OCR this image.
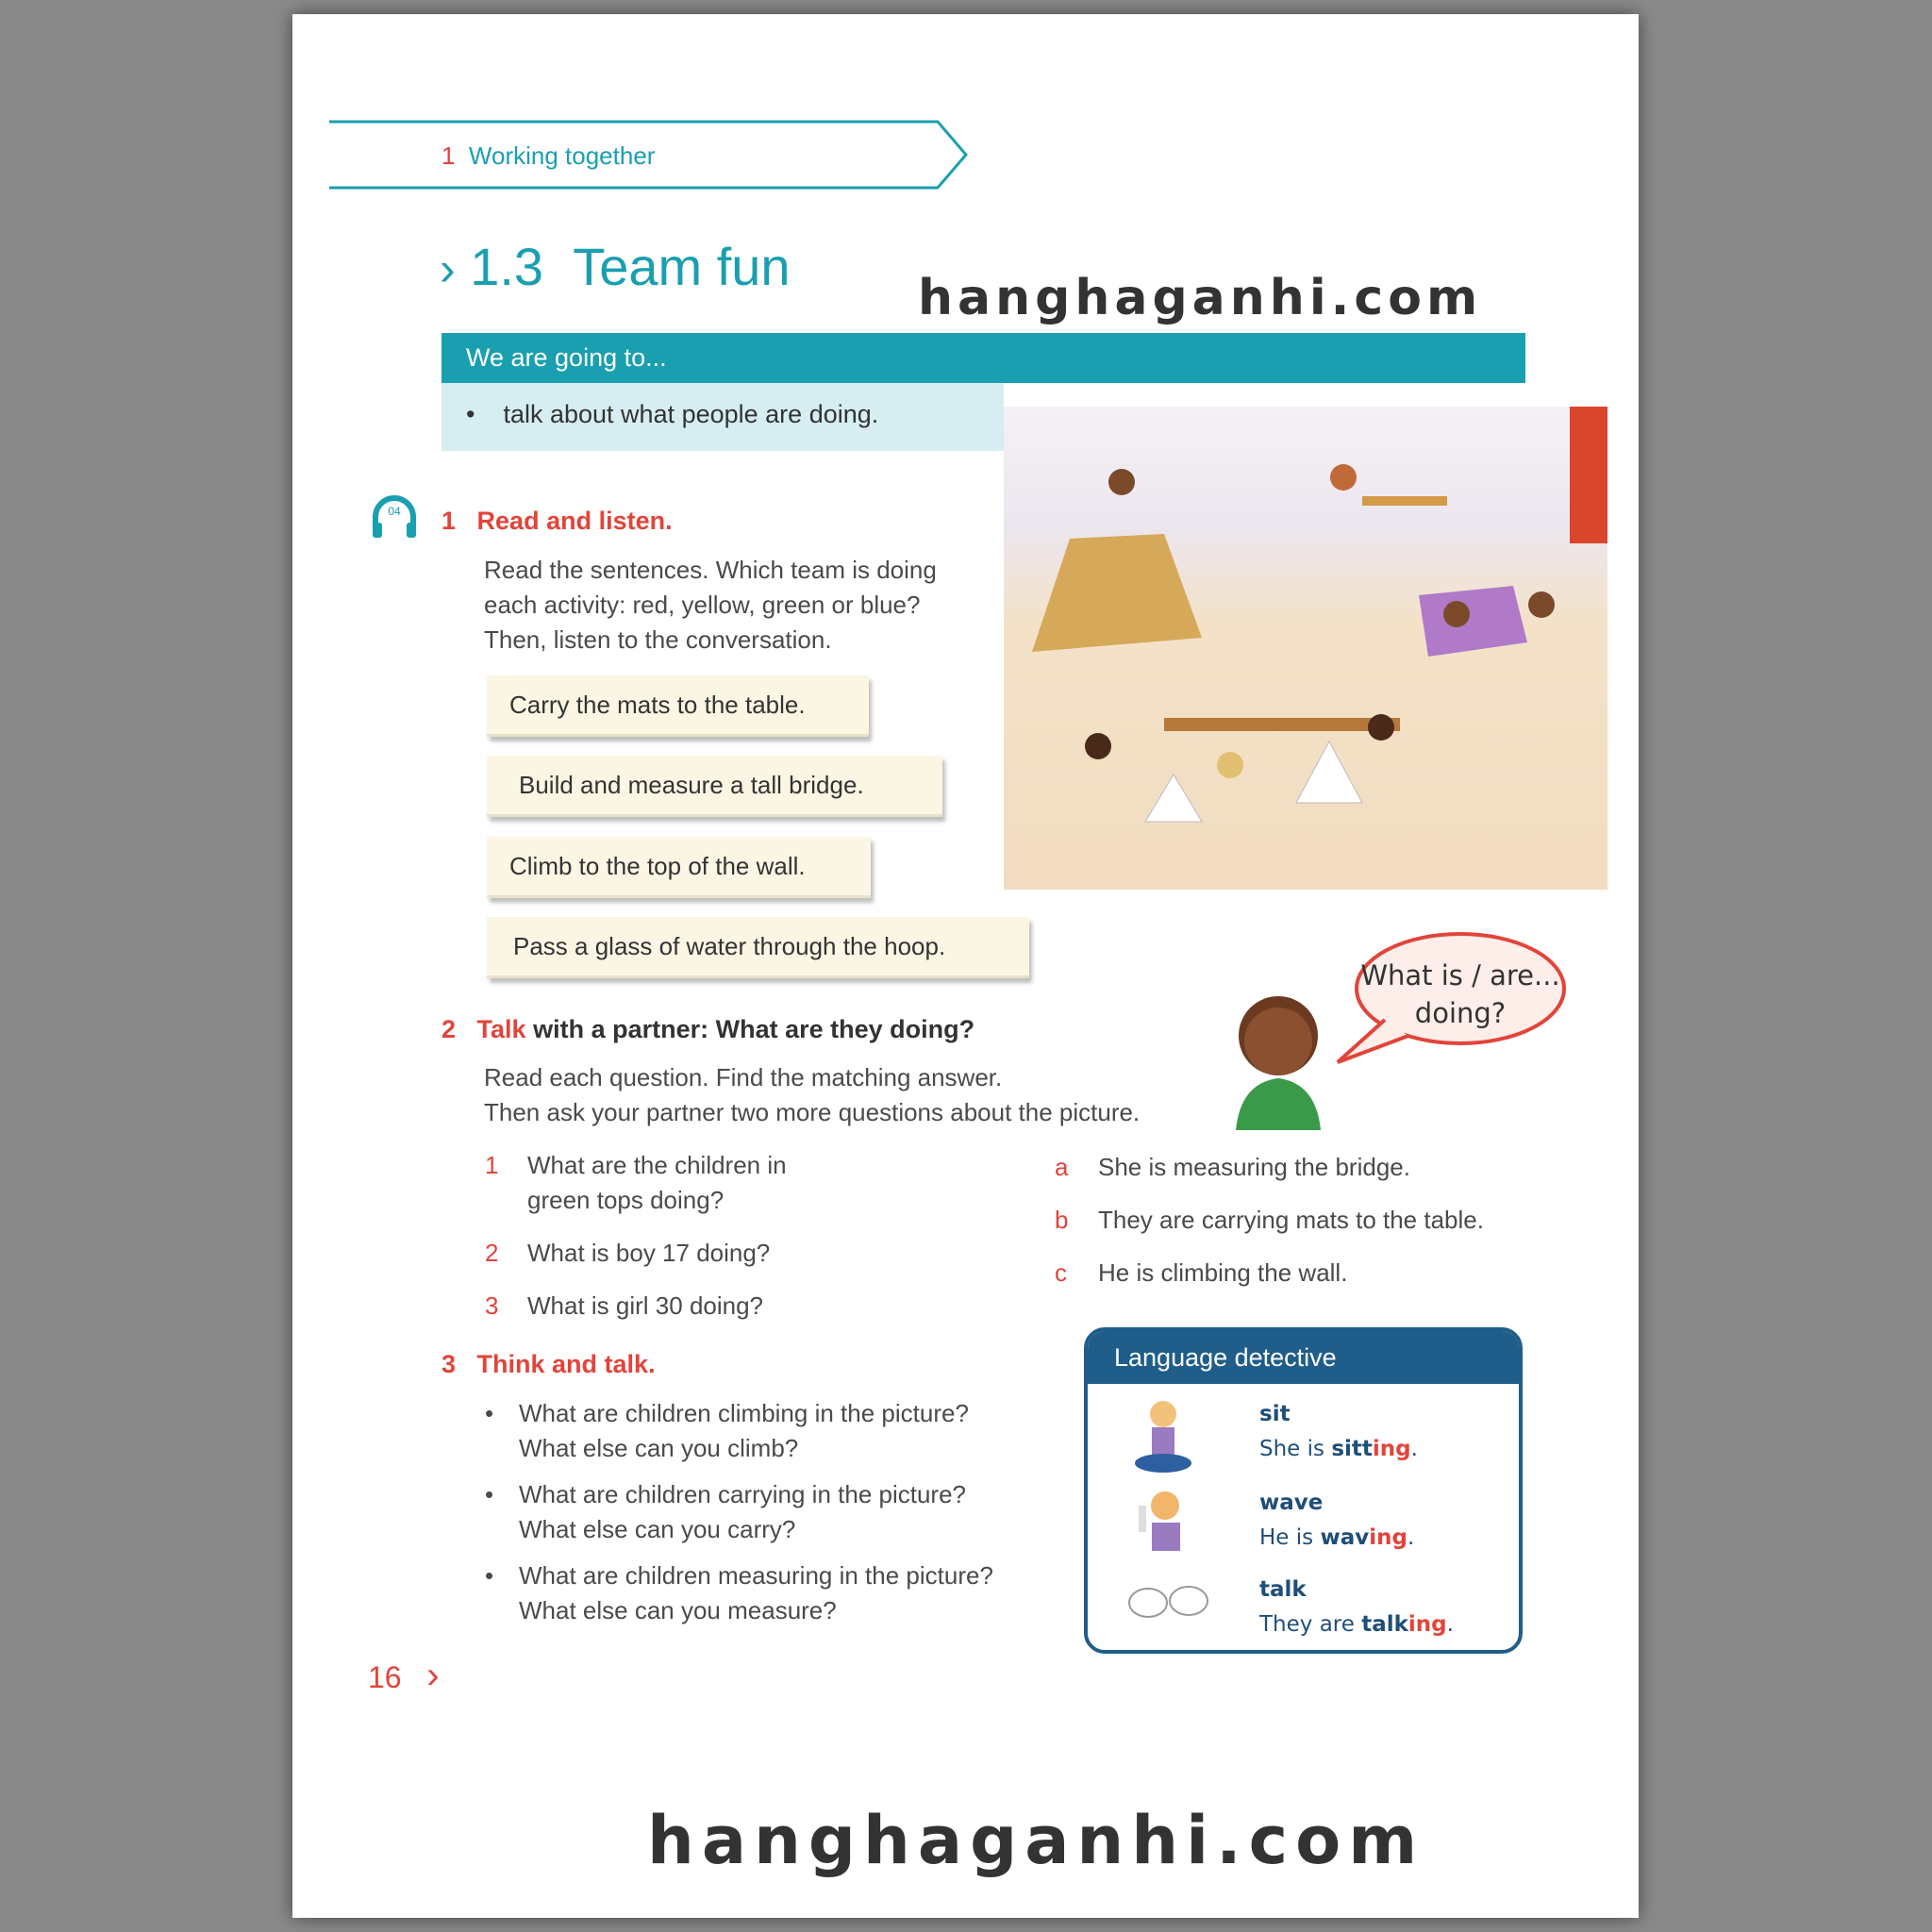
1 Working together
› 1.3 Team fun
hanghaganhi.com
We are going to...
•    talk about what people are doing.
04 1 Read and listen.
Read the sentences. Which team is doing
each activity: red, yellow, green or blue?
Then, listen to the conversation.
Carry the mats to the table.
Build and measure a tall bridge.
Climb to the top of the wall.
Pass a glass of water through the hoop.
What is / are...
doing?
2 Talk with a partner: What are they doing?
Read each question. Find the matching answer.
Then ask your partner two more questions about the picture.
1	What are the children in
green tops doing?
2	What is boy 17 doing?
3	What is girl 30 doing?
a	She is measuring the bridge.
b	They are carrying mats to the table.
c	He is climbing the wall.
3 Think and talk.
•	What are children climbing in the picture?
What else can you climb?
•	What are children carrying in the picture?
What else can you carry?
•	What are children measuring in the picture?
What else can you measure?
Language detective
sit
She is sitting.
wave
He is waving.
talk
They are talking.
16 ›
hanghaganhi.com
